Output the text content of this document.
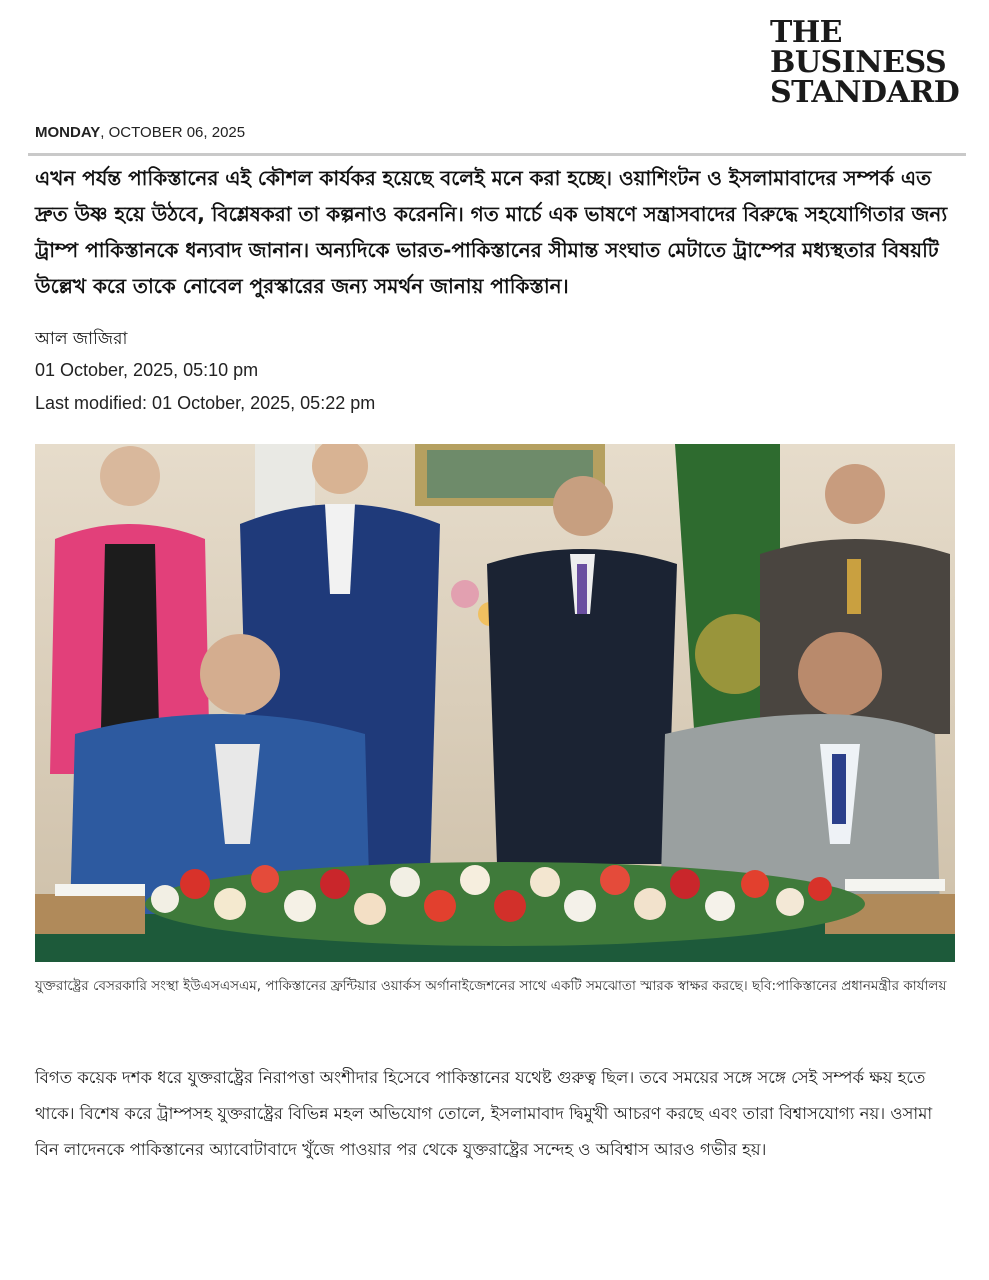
THE
BUSINESS
STANDARD
MONDAY, OCTOBER 06, 2025

এখন পর্যন্ত পাকিস্তানের এই কৌশল কার্যকর হয়েছে বলেই মনে করা হচ্ছে। ওয়াশিংটন ও ইসলামাবাদের সম্পর্ক এত দ্রুত উষ্ণ হয়ে উঠবে, বিশ্লেষকরা তা কল্পনাও করেননি। গত মার্চে এক ভাষণে সন্ত্রাসবাদের বিরুদ্ধে সহযোগিতার জন্য ট্রাম্প পাকিস্তানকে ধন্যবাদ জানান। অন্যদিকে ভারত-পাকিস্তানের সীমান্ত সংঘাত মেটাতে ট্রাম্পের মধ্যস্থতার বিষয়টি উল্লেখ করে তাকে নোবেল পুরস্কারের জন্য সমর্থন জানায় পাকিস্তান।

আল জাজিরা
01 October, 2025, 05:10 pm
Last modified: 01 October, 2025, 05:22 pm

যুক্তরাষ্ট্রের বেসরকারি সংস্থা ইউএসএসএম, পাকিস্তানের ফ্রন্টিয়ার ওয়ার্কস অর্গানাইজেশনের সাথে একটি সমঝোতা স্মারক স্বাক্ষর করছে। ছবি:পাকিস্তানের প্রধানমন্ত্রীর কার্যালয়

বিগত কয়েক দশক ধরে যুক্তরাষ্ট্রের নিরাপত্তা অংশীদার হিসেবে পাকিস্তানের যথেষ্ট গুরুত্ব ছিল। তবে সময়ের সঙ্গে সঙ্গে সেই সম্পর্ক ক্ষয় হতে থাকে। বিশেষ করে ট্রাম্পসহ যুক্তরাষ্ট্রের বিভিন্ন মহল অভিযোগ তোলে, ইসলামাবাদ দ্বিমুখী আচরণ করছে এবং তারা বিশ্বাসযোগ্য নয়। ওসামা বিন লাদেনকে পাকিস্তানের অ্যাবোটাবাদে খুঁজে পাওয়ার পর থেকে যুক্তরাষ্ট্রের সন্দেহ ও অবিশ্বাস আরও গভীর হয়।
